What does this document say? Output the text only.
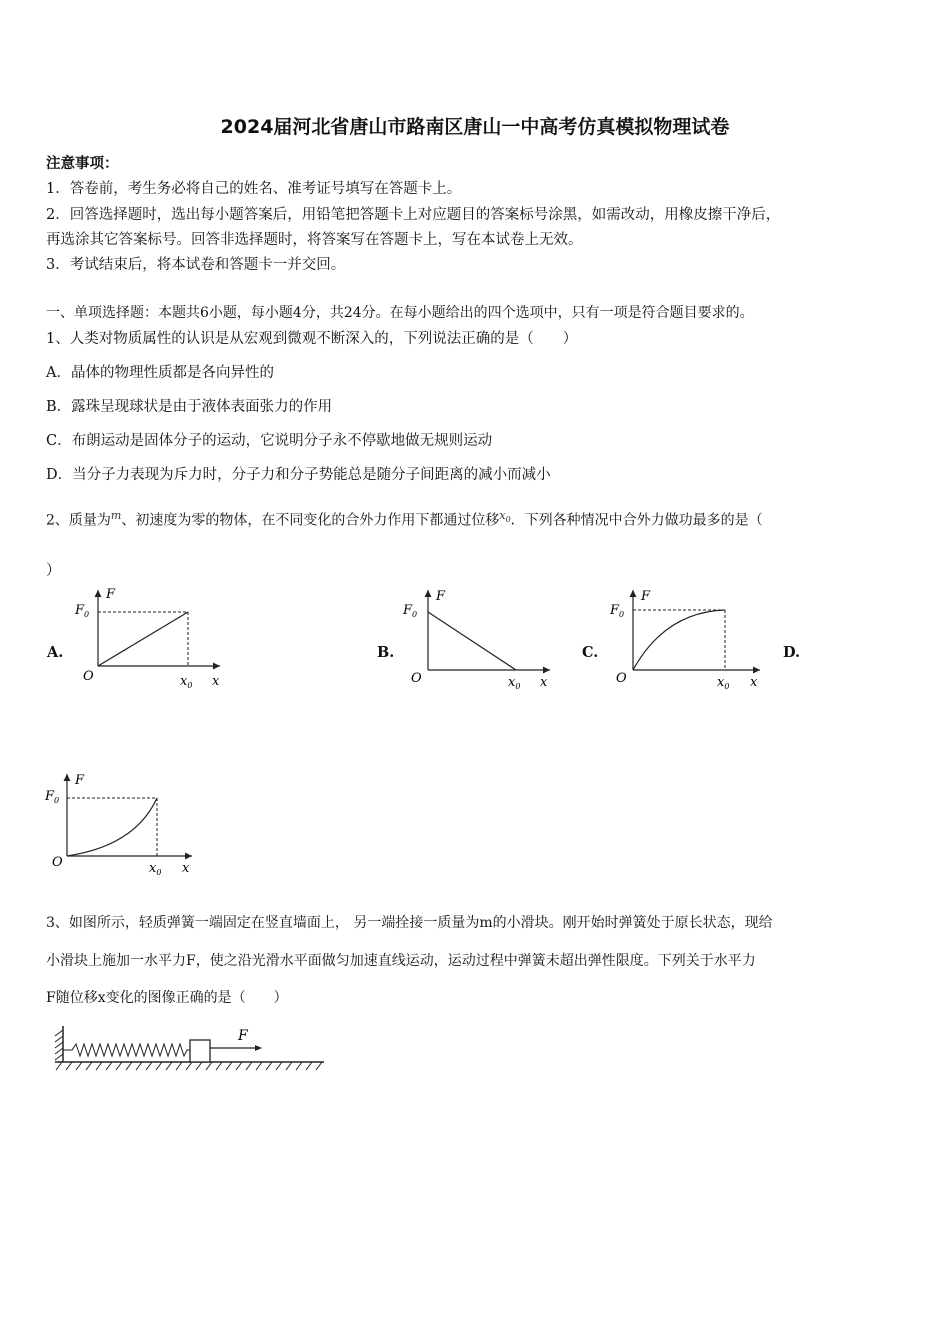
2024届河北省唐山市路南区唐山一中高考仿真模拟物理试卷
注意事项：
1．答卷前，考生务必将自己的姓名、准考证号填写在答题卡上。
2．回答选择题时，选出每小题答案后，用铅笔把答题卡上对应题目的答案标号涂黑，如需改动，用橡皮擦干净后，
再选涂其它答案标号。回答非选择题时，将答案写在答题卡上，写在本试卷上无效。
3．考试结束后，将本试卷和答题卡一并交回。
一、单项选择题：本题共6小题，每小题4分，共24分。在每小题给出的四个选项中，只有一项是符合题目要求的。
1、人类对物质属性的认识是从宏观到微观不断深入的，下列说法正确的是（　　）
A．晶体的物理性质都是各向异性的
B．露珠呈现球状是由于液体表面张力的作用
C．布朗运动是固体分子的运动，它说明分子永不停歇地做无规则运动
D．当分子力表现为斥力时，分子力和分子势能总是随分子间距离的减小而减小
2、质量为$^m$、初速度为零的物体，在不同变化的合外力作用下都通过位移$^{x_0}$．下列各种情况中合外力做功最多的是（
）
A.	B.	C.	D.
F
$F_0$
O	$x_0$ x
F
$F_0$
O	$x_0$ x
F
$F_0$
O	$x_0$ x
F
$F_0$
O	$x_0$ x
3、如图所示，轻质弹簧一端固定在竖直墙面上， 另一端拴接一质量为m的小滑块。刚开始时弹簧处于原长状态，现给
小滑块上施加一水平力F，使之沿光滑水平面做匀加速直线运动，运动过程中弹簧未超出弹性限度。下列关于水平力
F随位移x变化的图像正确的是（　　）
F
